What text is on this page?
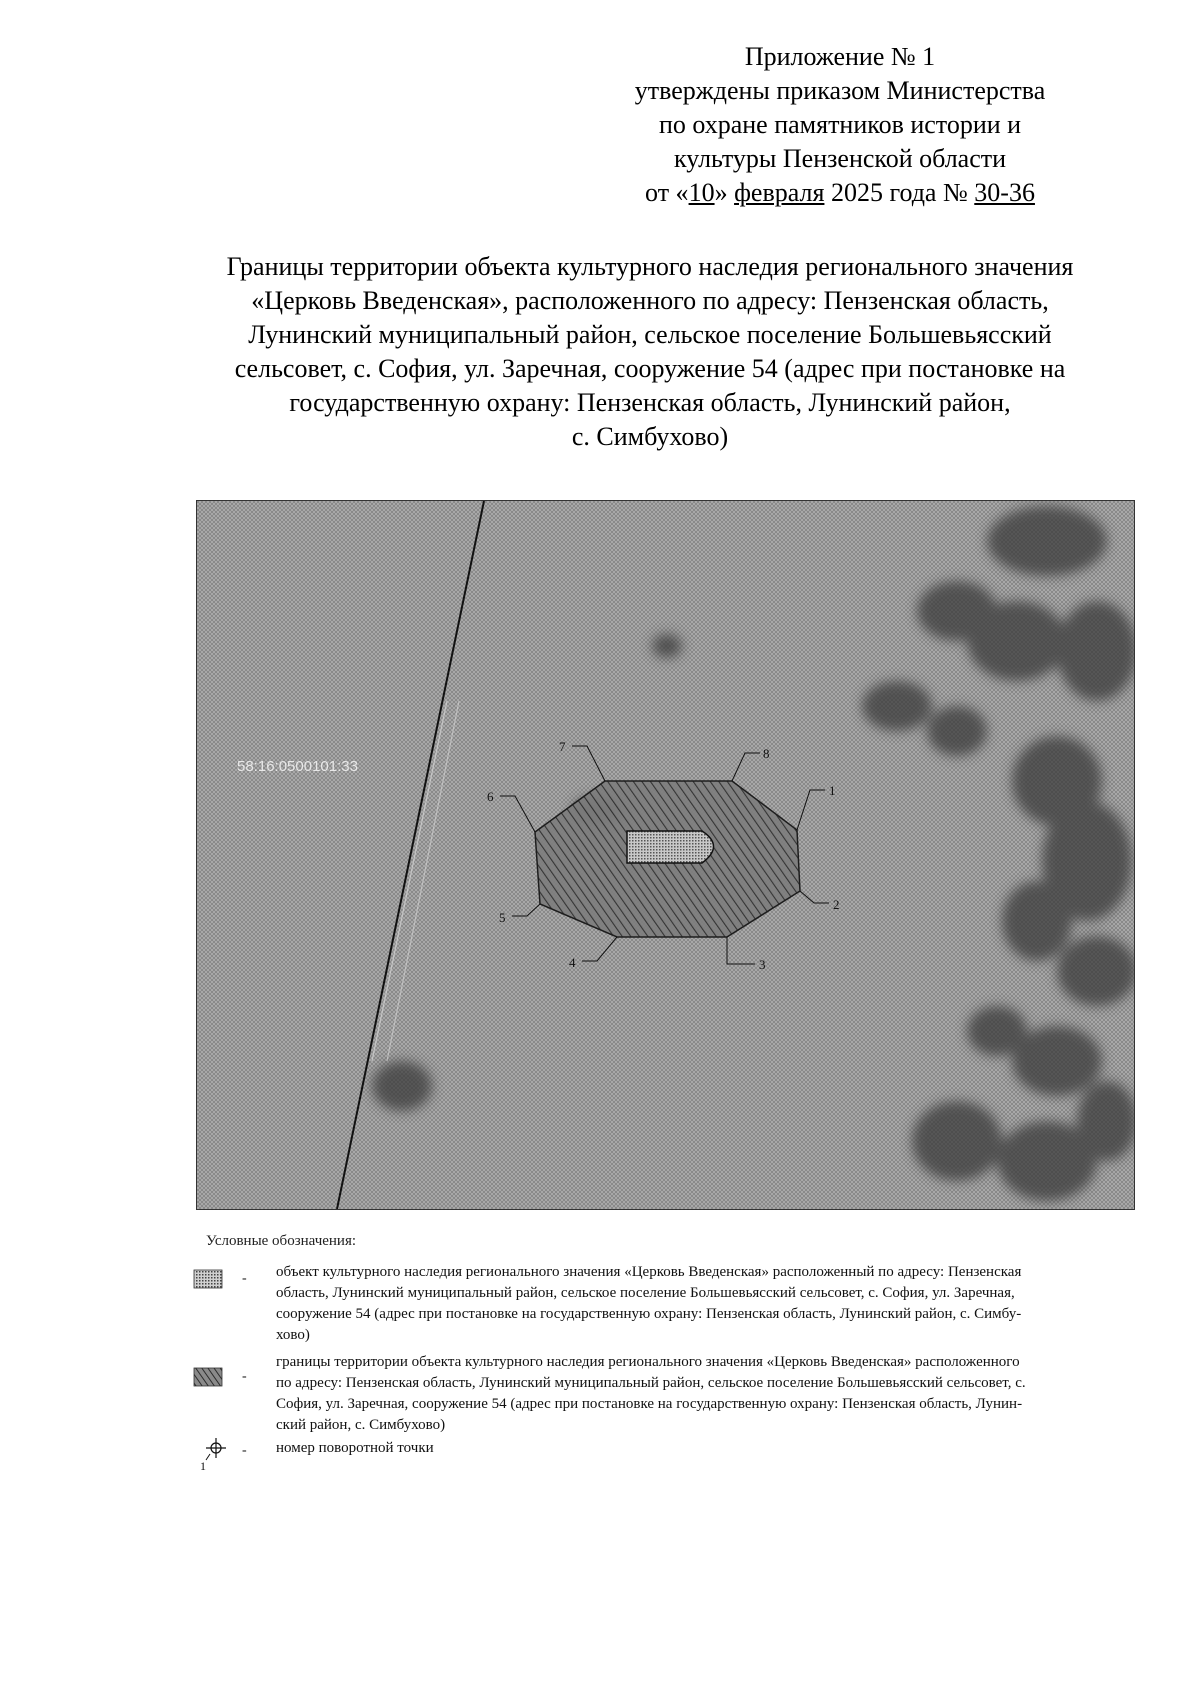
Приложение № 1
утверждены приказом Министерства
по охране памятников истории и
культуры Пензенской области
от «10» февраля 2025 года № 30-36
Границы территории объекта культурного наследия регионального значения
«Церковь Введенская», расположенного по адресу: Пензенская область,
Лунинский муниципальный район, сельское поселение Большевьясский
сельсовет, с. София, ул. Заречная, сооружение 54 (адрес при постановке на
государственную охрану: Пензенская область, Лунинский район,
с. Симбухово)
58:16:0500101:33
1
2
3
4
5
6
7	8
Условные обозначения:
- объект культурного наследия регионального значения «Церковь Введенская» расположенный по адресу: Пензенская
область, Лунинский муниципальный район, сельское поселение Большевьясский сельсовет, с. София, ул. Заречная,
сооружение 54 (адрес при постановке на государственную охрану: Пензенская область, Лунинский район, с. Симбу-
хово)
-
границы территории объекта культурного наследия регионального значения «Церковь Введенская» расположенного
по адресу: Пензенская область, Лунинский муниципальный район, сельское поселение Большевьясский сельсовет, с.
София, ул. Заречная, сооружение 54 (адрес при постановке на государственную охрану: Пензенская область, Лунин-
ский район, с. Симбухово)
1
- номер поворотной точки
